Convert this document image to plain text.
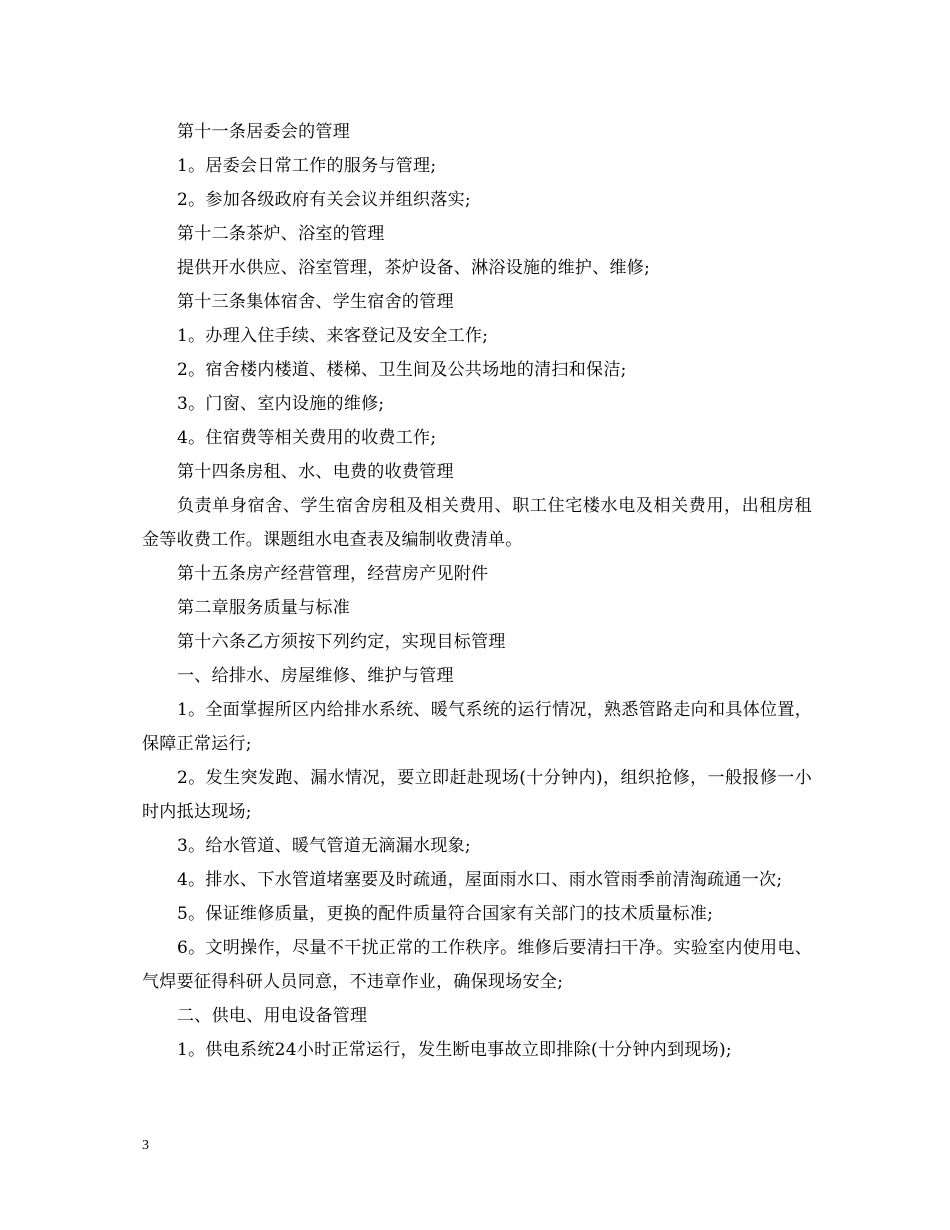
第十一条居委会的管理

1。居委会日常工作的服务与管理;

2。参加各级政府有关会议并组织落实;

第十二条茶炉、浴室的管理

提供开水供应、浴室管理，茶炉设备、淋浴设施的维护、维修;

第十三条集体宿舍、学生宿舍的管理

1。办理入住手续、来客登记及安全工作;

2。宿舍楼内楼道、楼梯、卫生间及公共场地的清扫和保洁;

3。门窗、室内设施的维修;

4。住宿费等相关费用的收费工作;

第十四条房租、水、电费的收费管理

负责单身宿舍、学生宿舍房租及相关费用、职工住宅楼水电及相关费用，出租房租金等收费工作。课题组水电查表及编制收费清单。

第十五条房产经营管理，经营房产见附件

第二章服务质量与标准

第十六条乙方须按下列约定，实现目标管理

一、给排水、房屋维修、维护与管理

1。全面掌握所区内给排水系统、暖气系统的运行情况，熟悉管路走向和具体位置，保障正常运行;

2。发生突发跑、漏水情况，要立即赶赴现场(十分钟内)，组织抢修，一般报修一小时内抵达现场;

3。给水管道、暖气管道无滴漏水现象;

4。排水、下水管道堵塞要及时疏通，屋面雨水口、雨水管雨季前清淘疏通一次;

5。保证维修质量，更换的配件质量符合国家有关部门的技术质量标准;

6。文明操作，尽量不干扰正常的工作秩序。维修后要清扫干净。实验室内使用电、气焊要征得科研人员同意，不违章作业，确保现场安全;

二、供电、用电设备管理

1。供电系统24小时正常运行，发生断电事故立即排除(十分钟内到现场);

3
